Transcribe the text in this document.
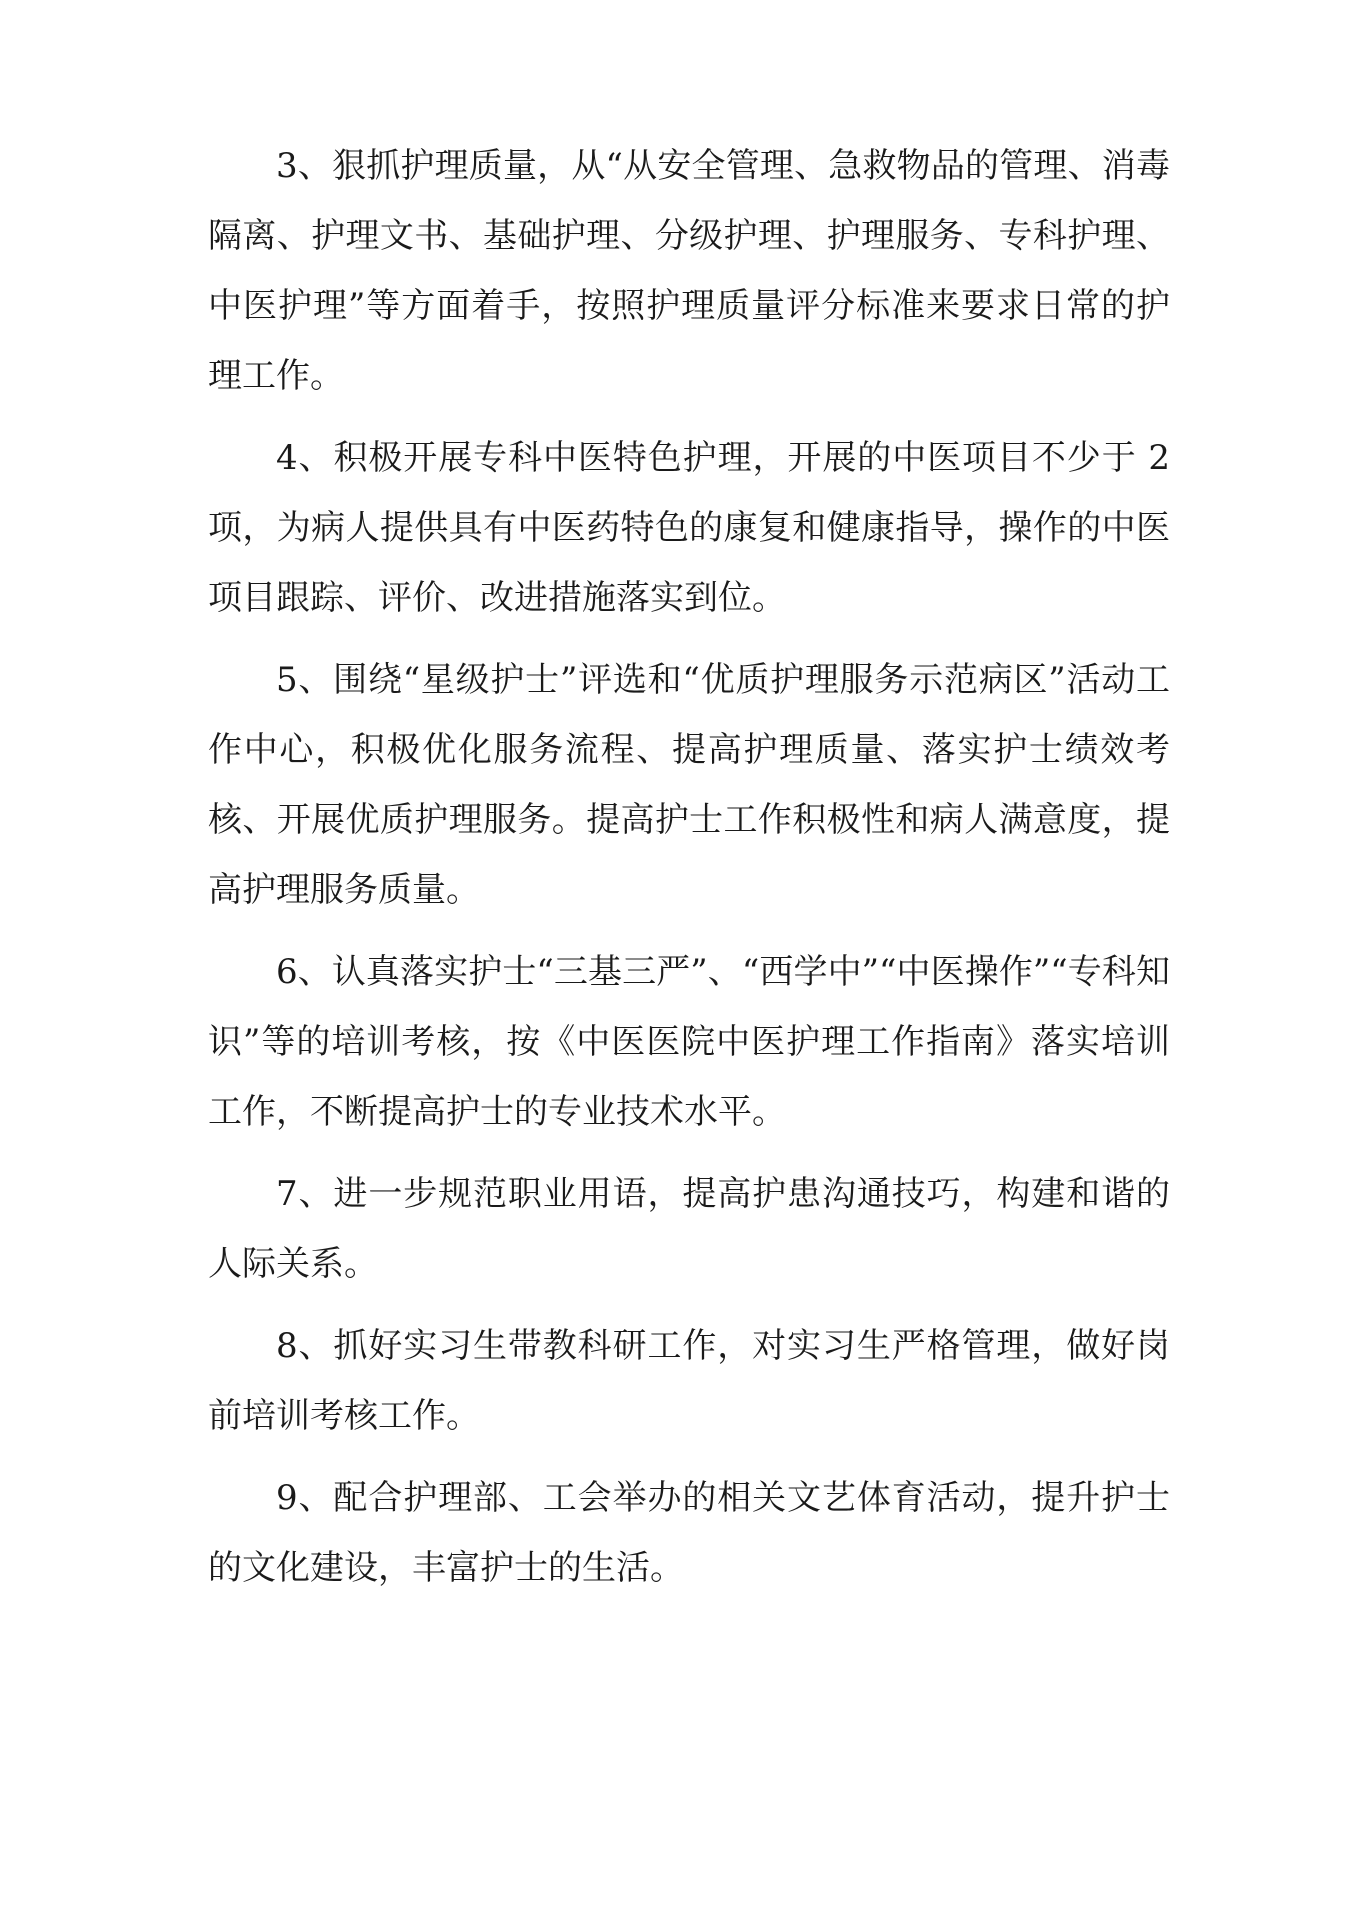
3、狠抓护理质量，从“从安全管理、急救物品的管理、消毒隔离、护理文书、基础护理、分级护理、护理服务、专科护理、中医护理”等方面着手，按照护理质量评分标准来要求日常的护理工作。

4、积极开展专科中医特色护理，开展的中医项目不少于 2 项，为病人提供具有中医药特色的康复和健康指导，操作的中医项目跟踪、评价、改进措施落实到位。

5、围绕“星级护士”评选和“优质护理服务示范病区”活动工作中心，积极优化服务流程、提高护理质量、落实护士绩效考核、开展优质护理服务。提高护士工作积极性和病人满意度，提高护理服务质量。

6、认真落实护士“三基三严”、“西学中”“中医操作”“专科知识”等的培训考核，按《中医医院中医护理工作指南》落实培训工作，不断提高护士的专业技术水平。

7、进一步规范职业用语，提高护患沟通技巧，构建和谐的人际关系。

8、抓好实习生带教科研工作，对实习生严格管理，做好岗前培训考核工作。

9、配合护理部、工会举办的相关文艺体育活动，提升护士的文化建设，丰富护士的生活。
